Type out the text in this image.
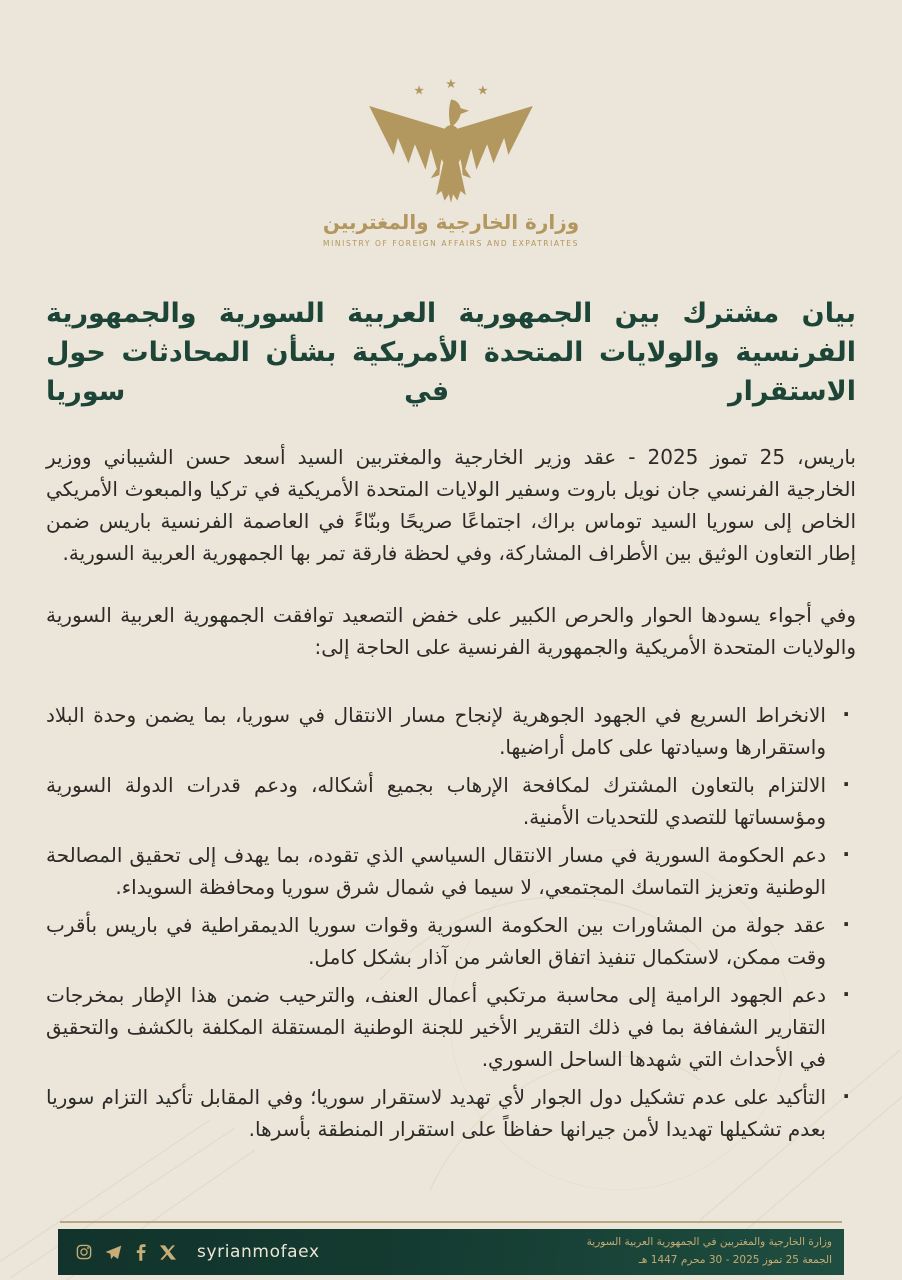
★ ★ ★
وزارة الخارجية والمغتربين
MINISTRY OF FOREIGN AFFAIRS AND EXPATRIATES
بيان مشترك بين الجمهورية العربية السورية والجمهورية الفرنسية والولايات المتحدة الأمريكية بشأن المحادثات حول الاستقرار في سوريا

باريس، 25 تموز 2025 - عقد وزير الخارجية والمغتربين السيد أسعد حسن الشيباني ووزير الخارجية الفرنسي جان نويل باروت وسفير الولايات المتحدة الأمريكية في تركيا والمبعوث الأمريكي الخاص إلى سوريا السيد توماس براك، اجتماعًا صريحًا وبنّاءً في العاصمة الفرنسية باريس ضمن إطار التعاون الوثيق بين الأطراف المشاركة، وفي لحظة فارقة تمر بها الجمهورية العربية السورية.

وفي أجواء يسودها الحوار والحرص الكبير على خفض التصعيد توافقت الجمهورية العربية السورية والولايات المتحدة الأمريكية والجمهورية الفرنسية على الحاجة إلى:

·
الانخراط السريع في الجهود الجوهرية لإنجاح مسار الانتقال في سوريا، بما يضمن وحدة البلاد واستقرارها وسيادتها على كامل أراضيها.
·
الالتزام بالتعاون المشترك لمكافحة الإرهاب بجميع أشكاله، ودعم قدرات الدولة السورية ومؤسساتها للتصدي للتحديات الأمنية.
·
دعم الحكومة السورية في مسار الانتقال السياسي الذي تقوده، بما يهدف إلى تحقيق المصالحة الوطنية وتعزيز التماسك المجتمعي، لا سيما في شمال شرق سوريا ومحافظة السويداء.
·
عقد جولة من المشاورات بين الحكومة السورية وقوات سوريا الديمقراطية في باريس بأقرب وقت ممكن، لاستكمال تنفيذ اتفاق العاشر من آذار بشكل كامل.
·
دعم الجهود الرامية إلى محاسبة مرتكبي أعمال العنف، والترحيب ضمن هذا الإطار بمخرجات التقارير الشفافة بما في ذلك التقرير الأخير للجنة الوطنية المستقلة المكلفة بالكشف والتحقيق في الأحداث التي شهدها الساحل السوري.
·
التأكيد على عدم تشكيل دول الجوار لأي تهديد لاستقرار سوريا؛ وفي المقابل تأكيد التزام سوريا بعدم تشكيلها تهديدا لأمن جيرانها حفاظاً على استقرار المنطقة بأسرها.
syrianmofaex	وزارة الخارجية والمغتربين في الجمهورية العربية السورية
الجمعة 25 تموز 2025 - 30 محرم 1447 هـ
